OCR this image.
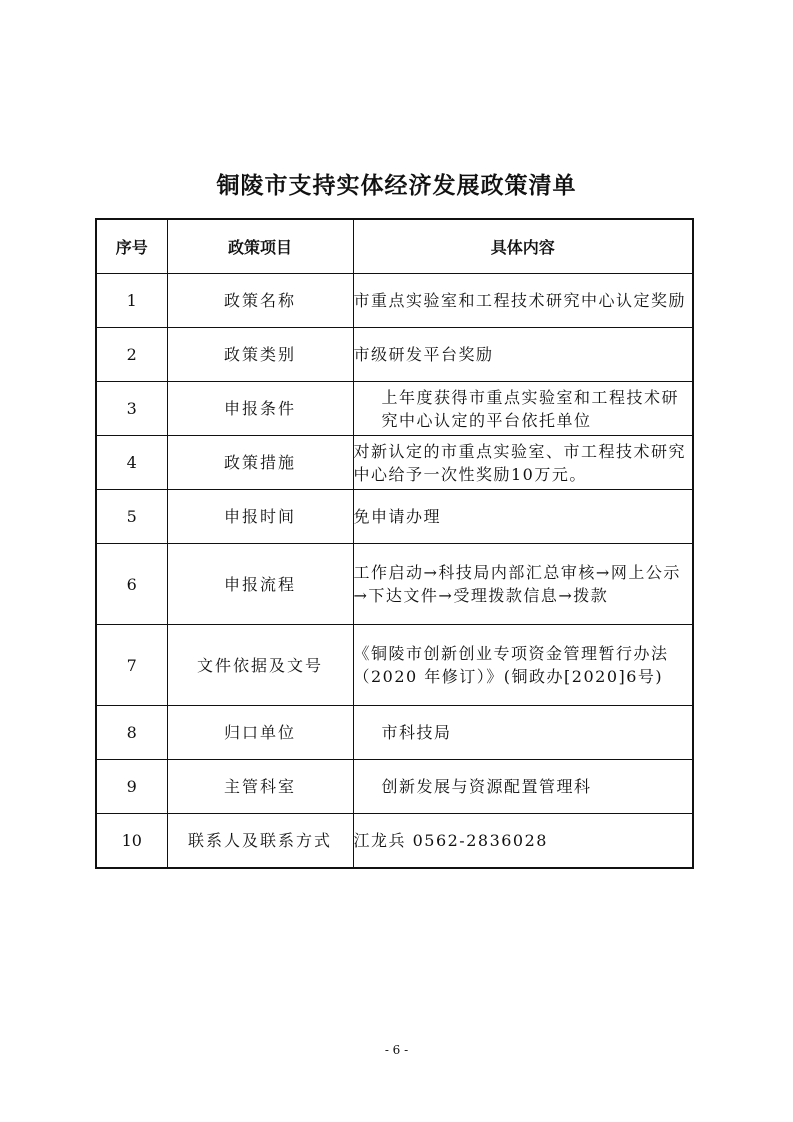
铜陵市支持实体经济发展政策清单
序号	政策项目	具体内容
1	政策名称	市重点实验室和工程技术研究中心认定奖励
2	政策类别	市级研发平台奖励
3	申报条件	上年度获得市重点实验室和工程技术研究中心认定的平台依托单位
4	政策措施	对新认定的市重点实验室、市工程技术研究中心给予一次性奖励10万元。
5	申报时间	免申请办理
6	申报流程	工作启动→科技局内部汇总审核→网上公示→下达文件→受理拨款信息→拨款
7	文件依据及文号	《铜陵市创新创业专项资金管理暂行办法（2020 年修订）》(铜政办[2020]6号)
8	归口单位	市科技局
9	主管科室	创新发展与资源配置管理科
10	联系人及联系方式	江龙兵 0562-2836028
- 6 -
